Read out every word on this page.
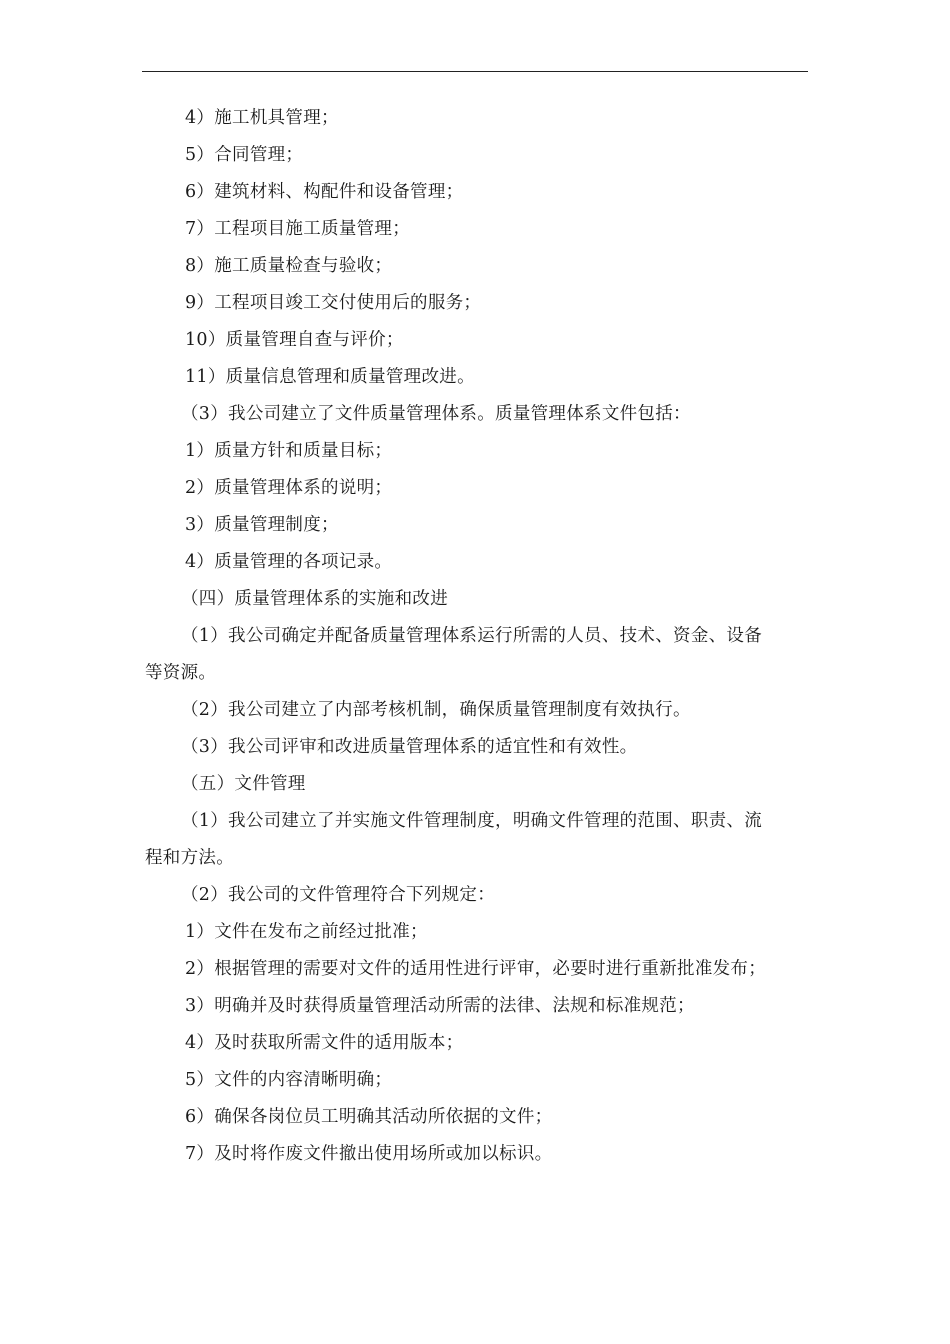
4）施工机具管理；
5）合同管理；
6）建筑材料、构配件和设备管理；
7）工程项目施工质量管理；
8）施工质量检查与验收；
9）工程项目竣工交付使用后的服务；
10）质量管理自查与评价；
11）质量信息管理和质量管理改进。
（3）我公司建立了文件质量管理体系。质量管理体系文件包括：
1）质量方针和质量目标；
2）质量管理体系的说明；
3）质量管理制度；
4）质量管理的各项记录。
（四）质量管理体系的实施和改进
（1）我公司确定并配备质量管理体系运行所需的人员、技术、资金、设备
等资源。
（2）我公司建立了内部考核机制，确保质量管理制度有效执行。
（3）我公司评审和改进质量管理体系的适宜性和有效性。
（五）文件管理
（1）我公司建立了并实施文件管理制度，明确文件管理的范围、职责、流
程和方法。
（2）我公司的文件管理符合下列规定：
1）文件在发布之前经过批准；
2）根据管理的需要对文件的适用性进行评审，必要时进行重新批准发布；
3）明确并及时获得质量管理活动所需的法律、法规和标准规范；
4）及时获取所需文件的适用版本；
5）文件的内容清晰明确；
6）确保各岗位员工明确其活动所依据的文件；
7）及时将作废文件撤出使用场所或加以标识。
